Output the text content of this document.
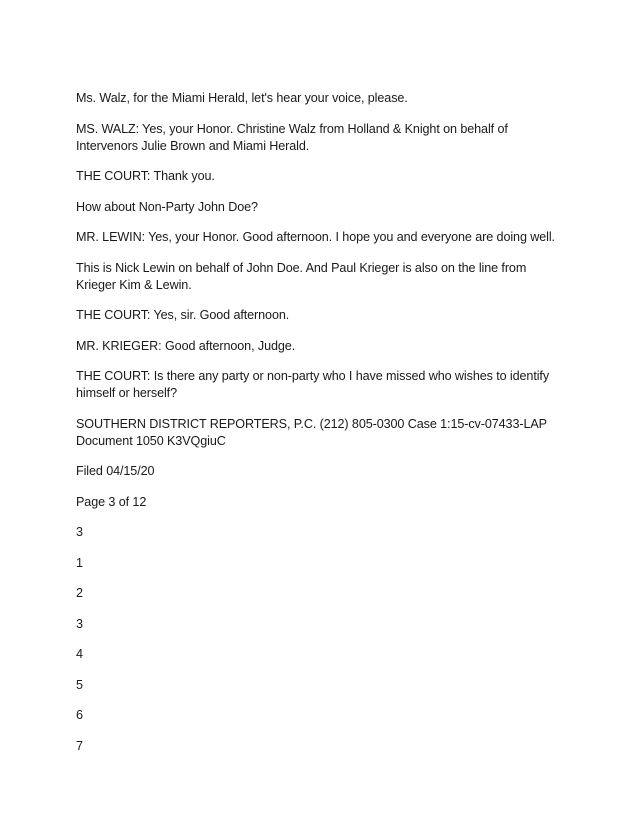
Ms. Walz, for the Miami Herald, let's hear your voice, please.

MS. WALZ: Yes, your Honor. Christine Walz from Holland & Knight on behalf of Intervenors Julie Brown and Miami Herald.

THE COURT: Thank you.

How about Non-Party John Doe?

MR. LEWIN: Yes, your Honor. Good afternoon. I hope you and everyone are doing well.

This is Nick Lewin on behalf of John Doe. And Paul Krieger is also on the line from Krieger Kim & Lewin.

THE COURT: Yes, sir. Good afternoon.

MR. KRIEGER: Good afternoon, Judge.

THE COURT: Is there any party or non-party who I have missed who wishes to identify himself or herself?

SOUTHERN DISTRICT REPORTERS, P.C. (212) 805-0300 Case 1:15-cv-07433-LAP Document 1050 K3VQgiuC

Filed 04/15/20

Page 3 of 12

3

1

2

3

4

5

6

7
